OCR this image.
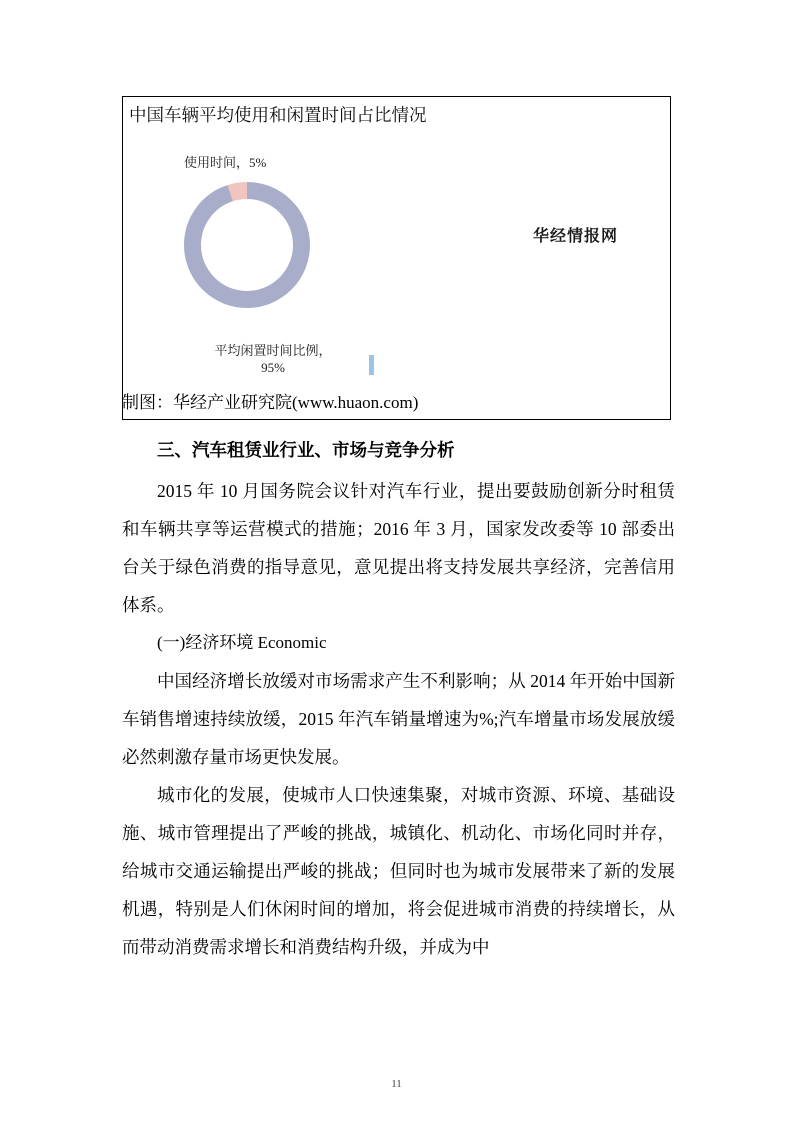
中国车辆平均使用和闲置时间占比情况
华经情报网
使用时间，5%
平均闲置时间比例，95%
制图：华经产业研究院(www.huaon.com)
三、汽车租赁业行业、市场与竞争分析

2015 年 10 月国务院会议针对汽车行业，提出要鼓励创新分时租赁和车辆共享等运营模式的措施；2016 年 3 月，国家发改委等 10 部委出台关于绿色消费的指导意见，意见提出将支持发展共享经济，完善信用体系。

(一)经济环境 Economic

中国经济增长放缓对市场需求产生不利影响；从 2014 年开始中国新车销售增速持续放缓，2015 年汽车销量增速为%;汽车增量市场发展放缓必然刺激存量市场更快发展。

城市化的发展，使城市人口快速集聚，对城市资源、环境、基础设施、城市管理提出了严峻的挑战，城镇化、机动化、市场化同时并存，给城市交通运输提出严峻的挑战；但同时也为城市发展带来了新的发展机遇，特别是人们休闲时间的增加，将会促进城市消费的持续增长，从而带动消费需求增长和消费结构升级，并成为中

11
